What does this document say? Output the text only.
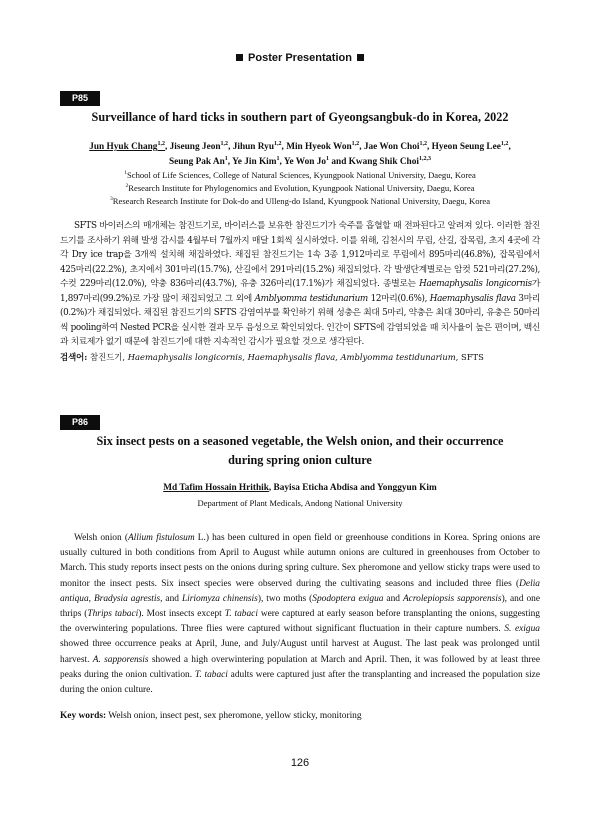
Poster Presentation
P85
Surveillance of hard ticks in southern part of Gyeongsangbuk-do in Korea, 2022
Jun Hyuk Chang$^{1,2}$, Jiseung Jeon$^{1,2}$, Jihun Ryu$^{1,2}$, Min Hyeok Won$^{1,2}$, Jae Won Choi$^{1,2}$, Hyeon Seung Lee$^{1,2}$,
Seung Pak An$^1$, Ye Jin Kim$^1$, Ye Won Jo$^1$ and Kwang Shik Choi$^{1,2,3}$
$^1$School of Life Sciences, College of Natural Sciences, Kyungpook National University, Daegu, Korea
$^2$Research Institute for Phylogenomics and Evolution, Kyungpook National University, Daegu, Korea
$^3$Research Research Institute for Dok-do and Ulleng-do Island, Kyungpook National University, Daegu, Korea
SFTS 바이러스의 매개체는 참진드기로, 바이러스를 보유한 참진드기가 숙주를 흡혈할 때 전파된다고 알려져 있다. 이러한 참진드기를 조사하기 위해 발생 감시를 4월부터 7월까지 매달 1회씩 실시하였다. 이를 위해, 김천시의 무림, 산길, 잡목림, 초지 4곳에 각각 Dry ice trap을 3개씩 설치해 채집하였다. 채집된 참진드기는 1속 3종 1,912마리로 무림에서 895마리(46.8%), 잡목림에서 425마리(22.2%), 초지에서 301마리(15.7%), 산길에서 291마리(15.2%) 채집되었다. 각 발생단계별로는 암컷 521마리(27.2%), 수컷 229마리(12.0%), 약충 836마리(43.7%), 유충 326마리(17.1%)가 채집되었다. 종별로는 Haemaphysalis longicornis가 1,897마리(99.2%)로 가장 많이 채집되었고 그 외에 Amblyomma testidunarium 12마리(0.6%), Haemaphysalis flava 3마리(0.2%)가 채집되었다. 채집된 참진드기의 SFTS 감염여부를 확인하기 위해 성충은 최대 5마리, 약충은 최대 30마리, 유충은 50마리씩 pooling하여 Nested PCR을 실시한 결과 모두 음성으로 확인되었다. 인간이 SFTS에 감염되었을 때 치사율이 높은 편이며, 백신과 치료제가 없기 때문에 참진드기에 대한 지속적인 감시가 필요할 것으로 생각된다.
검색어: 참진드기, Haemaphysalis longicornis, Haemaphysalis flava, Amblyomma testidunarium, SFTS
P86
Six insect pests on a seasoned vegetable, the Welsh onion, and their occurrence
during spring onion culture
Md Tafim Hossain Hrithik, Bayisa Eticha Abdisa and Yonggyun Kim
Department of Plant Medicals, Andong National University
Welsh onion (Allium fistulosum L.) has been cultured in open field or greenhouse conditions in Korea. Spring onions are usually cultured in both conditions from April to August while autumn onions are cultured in greenhouses from October to March. This study reports insect pests on the onions during spring culture. Sex pheromone and yellow sticky traps were used to monitor the insect pests. Six insect species were observed during the cultivating seasons and included three flies (Delia antiqua, Bradysia agrestis, and Liriomyza chinensis), two moths (Spodoptera exigua and Acrolepiopsis sapporensis), and one thrips (Thrips tabaci). Most insects except T. tabaci were captured at early season before transplanting the onions, suggesting the overwintering populations. Three flies were captured without significant fluctuation in their capture numbers. S. exigua showed three occurrence peaks at April, June, and July/August until harvest at August. The last peak was prolonged until harvest. A. sapporensis showed a high overwintering population at March and April. Then, it was followed by at least three peaks during the onion cultivation. T. tabaci adults were captured just after the transplanting and increased the population size during the onion culture.
Key words: Welsh onion, insect pest, sex pheromone, yellow sticky, monitoring
126
